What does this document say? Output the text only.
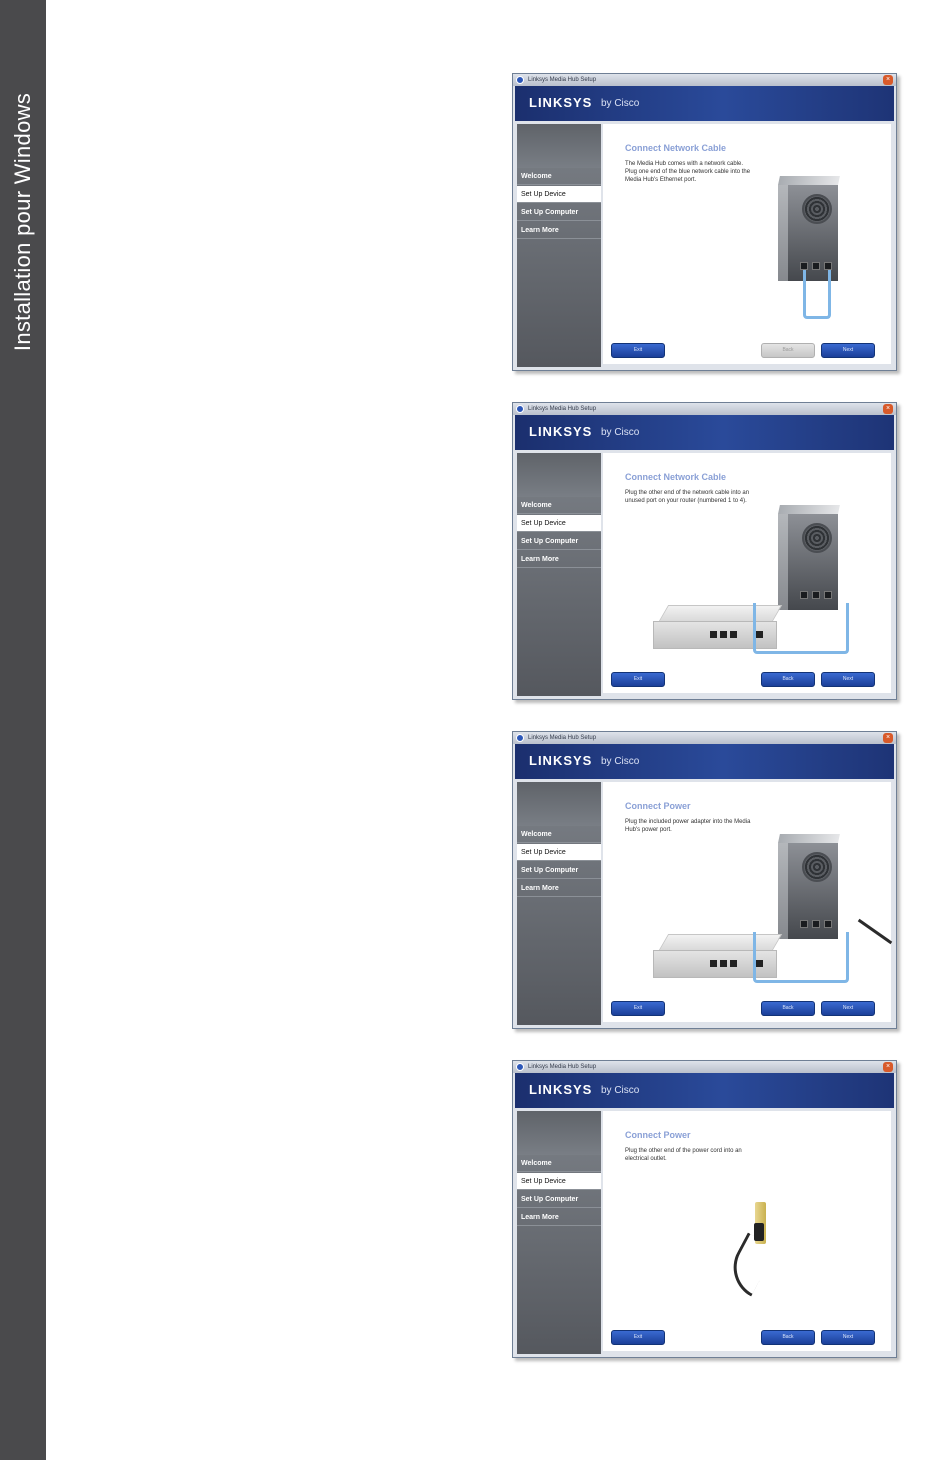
Installation pour Windows
Linksys Media Hub Setup	×
LINKSYS by Cisco
Welcome
Set Up Device
Set Up Computer
Learn More
Connect Network Cable
The Media Hub comes with a network cable. Plug one end of the blue network cable into the Media Hub's Ethernet port.
Exit	Back	Next
Linksys Media Hub Setup	×
LINKSYS by Cisco
Welcome
Set Up Device
Set Up Computer
Learn More
Connect Network Cable
Plug the other end of the network cable into an unused port on your router (numbered 1 to 4).
Exit	Back	Next
Linksys Media Hub Setup	×
LINKSYS by Cisco
Welcome
Set Up Device
Set Up Computer
Learn More
Connect Power
Plug the included power adapter into the Media Hub's power port.
Exit	Back	Next
Linksys Media Hub Setup	×
LINKSYS by Cisco
Welcome
Set Up Device
Set Up Computer
Learn More
Connect Power
Plug the other end of the power cord into an electrical outlet.
Exit	Back	Next
